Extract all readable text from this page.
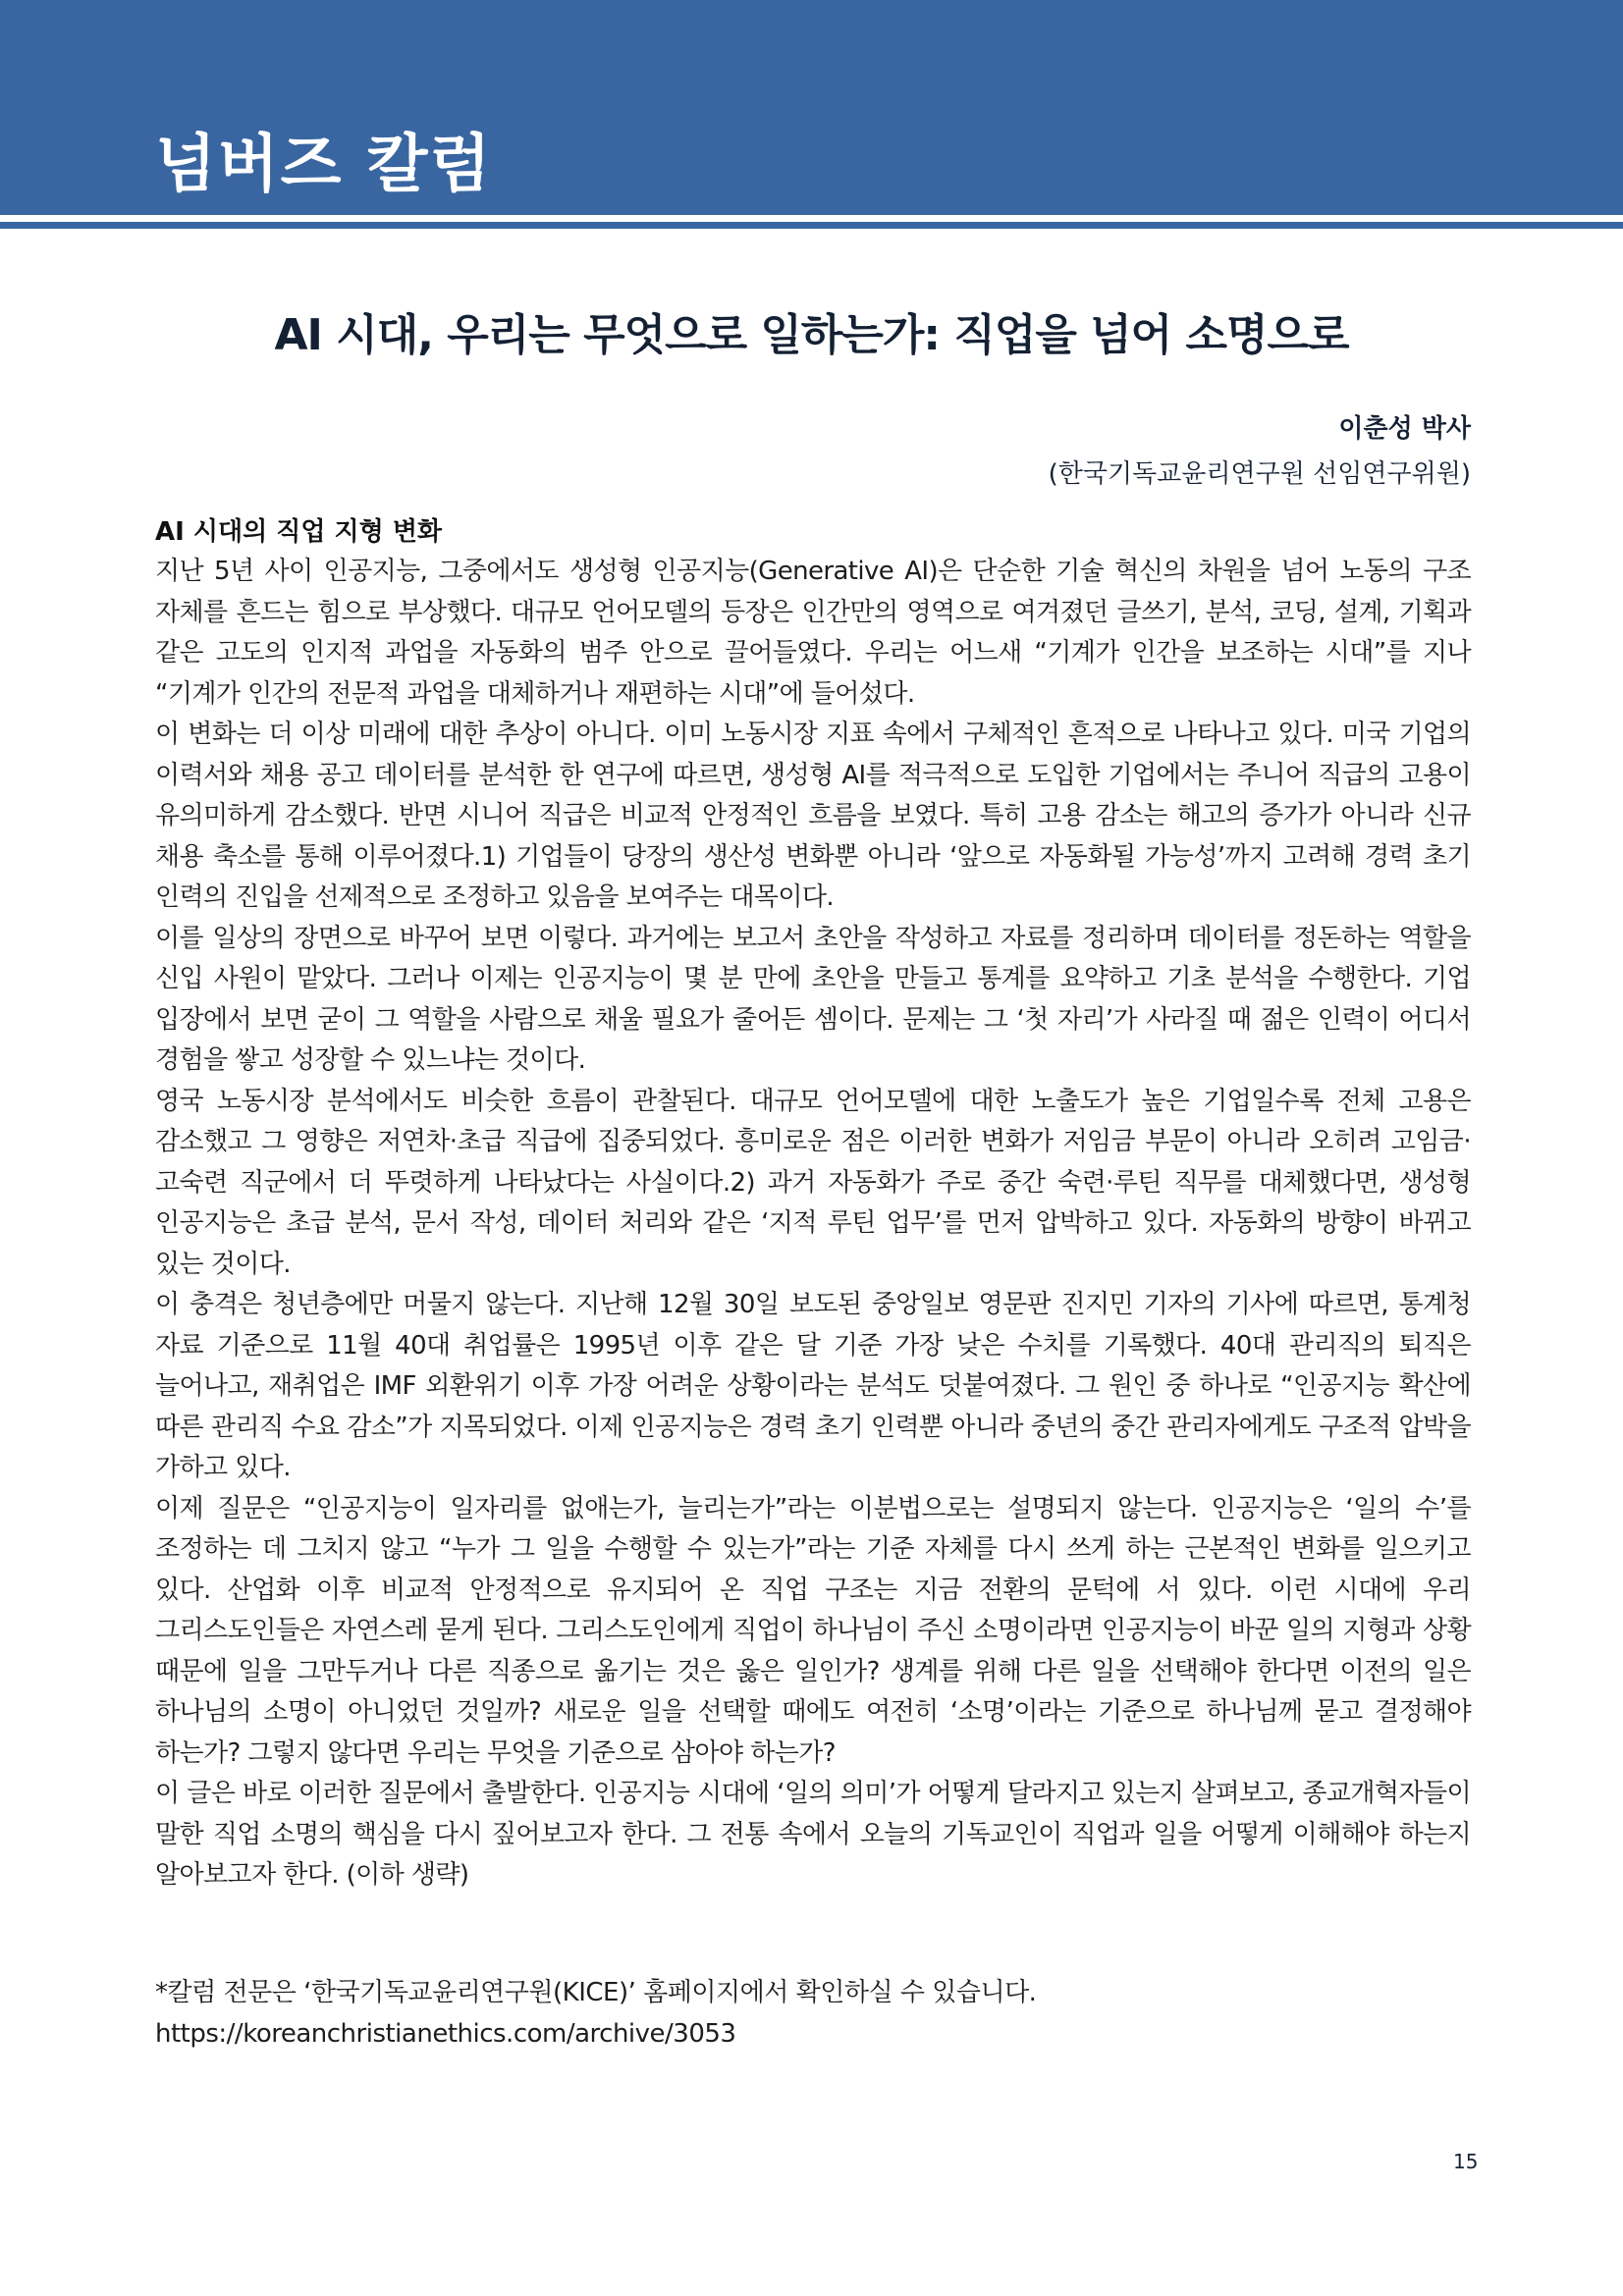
넘버즈 칼럼
AI 시대, 우리는 무엇으로 일하는가: 직업을 넘어 소명으로
이춘성 박사
(한국기독교윤리연구원 선임연구위원)
AI 시대의 직업 지형 변화

지난 5년 사이 인공지능, 그중에서도 생성형 인공지능(Generative AI)은 단순한 기술 혁신의 차원을 넘어 노동의 구조 자체를 흔드는 힘으로 부상했다. 대규모 언어모델의 등장은 인간만의 영역으로 여겨졌던 글쓰기, 분석, 코딩, 설계, 기획과 같은 고도의 인지적 과업을 자동화의 범주 안으로 끌어들였다. 우리는 어느새 “기계가 인간을 보조하는 시대”를 지나 “기계가 인간의 전문적 과업을 대체하거나 재편하는 시대”에 들어섰다.

이 변화는 더 이상 미래에 대한 추상이 아니다. 이미 노동시장 지표 속에서 구체적인 흔적으로 나타나고 있다. 미국 기업의 이력서와 채용 공고 데이터를 분석한 한 연구에 따르면, 생성형 AI를 적극적으로 도입한 기업에서는 주니어 직급의 고용이 유의미하게 감소했다. 반면 시니어 직급은 비교적 안정적인 흐름을 보였다. 특히 고용 감소는 해고의 증가가 아니라 신규 채용 축소를 통해 이루어졌다.1) 기업들이 당장의 생산성 변화뿐 아니라 ‘앞으로 자동화될 가능성’까지 고려해 경력 초기 인력의 진입을 선제적으로 조정하고 있음을 보여주는 대목이다.

이를 일상의 장면으로 바꾸어 보면 이렇다. 과거에는 보고서 초안을 작성하고 자료를 정리하며 데이터를 정돈하는 역할을 신입 사원이 맡았다. 그러나 이제는 인공지능이 몇 분 만에 초안을 만들고 통계를 요약하고 기초 분석을 수행한다. 기업 입장에서 보면 굳이 그 역할을 사람으로 채울 필요가 줄어든 셈이다. 문제는 그 ‘첫 자리’가 사라질 때 젊은 인력이 어디서 경험을 쌓고 성장할 수 있느냐는 것이다.

영국 노동시장 분석에서도 비슷한 흐름이 관찰된다. 대규모 언어모델에 대한 노출도가 높은 기업일수록 전체 고용은 감소했고 그 영향은 저연차·초급 직급에 집중되었다. 흥미로운 점은 이러한 변화가 저임금 부문이 아니라 오히려 고임금·고숙련 직군에서 더 뚜렷하게 나타났다는 사실이다.2) 과거 자동화가 주로 중간 숙련·루틴 직무를 대체했다면, 생성형 인공지능은 초급 분석, 문서 작성, 데이터 처리와 같은 ‘지적 루틴 업무’를 먼저 압박하고 있다. 자동화의 방향이 바뀌고 있는 것이다.

이 충격은 청년층에만 머물지 않는다. 지난해 12월 30일 보도된 중앙일보 영문판 진지민 기자의 기사에 따르면, 통계청 자료 기준으로 11월 40대 취업률은 1995년 이후 같은 달 기준 가장 낮은 수치를 기록했다. 40대 관리직의 퇴직은 늘어나고, 재취업은 IMF 외환위기 이후 가장 어려운 상황이라는 분석도 덧붙여졌다. 그 원인 중 하나로 “인공지능 확산에 따른 관리직 수요 감소”가 지목되었다. 이제 인공지능은 경력 초기 인력뿐 아니라 중년의 중간 관리자에게도 구조적 압박을 가하고 있다.

이제 질문은 “인공지능이 일자리를 없애는가, 늘리는가”라는 이분법으로는 설명되지 않는다. 인공지능은 ‘일의 수’를 조정하는 데 그치지 않고 “누가 그 일을 수행할 수 있는가”라는 기준 자체를 다시 쓰게 하는 근본적인 변화를 일으키고 있다. 산업화 이후 비교적 안정적으로 유지되어 온 직업 구조는 지금 전환의 문턱에 서 있다. 이런 시대에 우리 그리스도인들은 자연스레 묻게 된다. 그리스도인에게 직업이 하나님이 주신 소명이라면 인공지능이 바꾼 일의 지형과 상황 때문에 일을 그만두거나 다른 직종으로 옮기는 것은 옳은 일인가? 생계를 위해 다른 일을 선택해야 한다면 이전의 일은 하나님의 소명이 아니었던 것일까? 새로운 일을 선택할 때에도 여전히 ‘소명’이라는 기준으로 하나님께 묻고 결정해야 하는가? 그렇지 않다면 우리는 무엇을 기준으로 삼아야 하는가?

이 글은 바로 이러한 질문에서 출발한다. 인공지능 시대에 ‘일의 의미’가 어떻게 달라지고 있는지 살펴보고, 종교개혁자들이 말한 직업 소명의 핵심을 다시 짚어보고자 한다. 그 전통 속에서 오늘의 기독교인이 직업과 일을 어떻게 이해해야 하는지 알아보고자 한다. (이하 생략)

*칼럼 전문은 ‘한국기독교윤리연구원(KICE)’ 홈페이지에서 확인하실 수 있습니다.
https://koreanchristianethics.com/archive/3053
15
